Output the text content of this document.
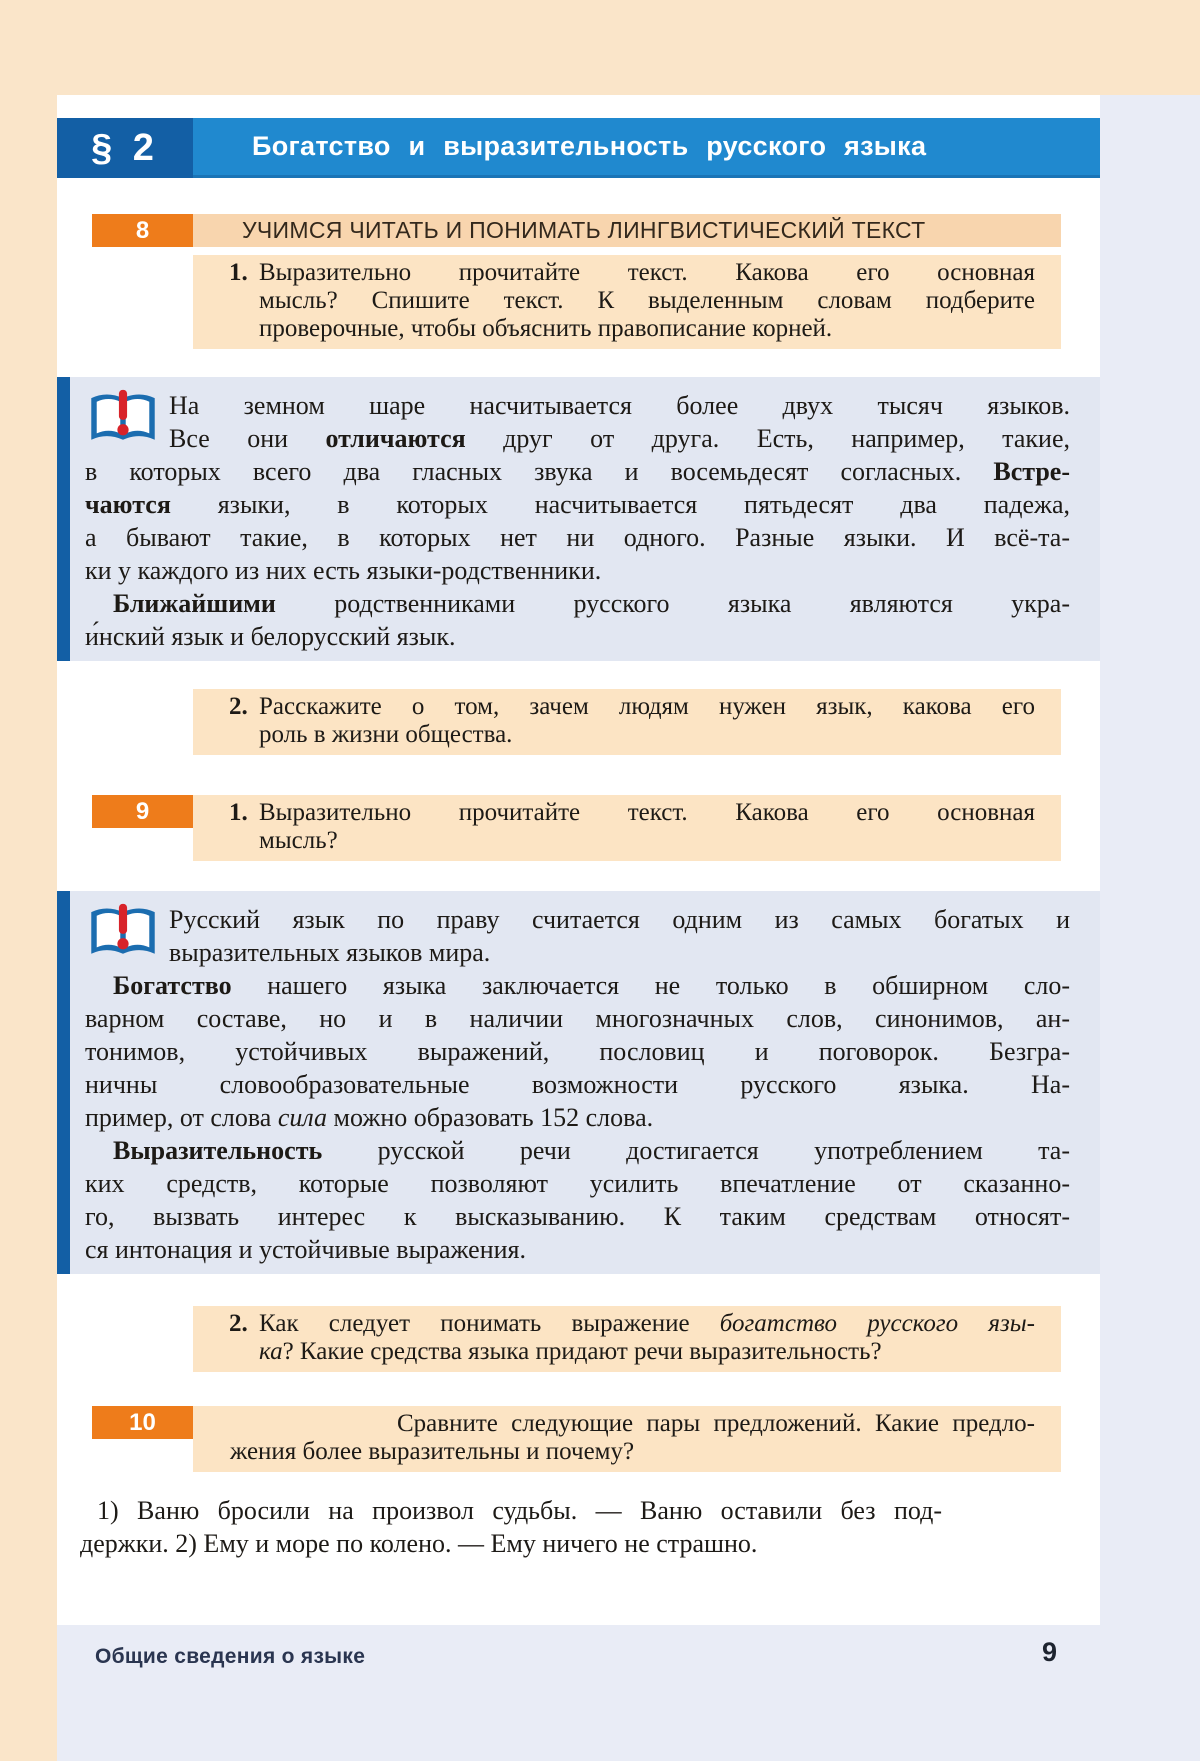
§ 2	Богатство и выразительность русского языка
8	УЧИМСЯ ЧИТАТЬ И ПОНИМАТЬ ЛИНГВИСТИЧЕСКИЙ ТЕКСТ
1. Выразительно прочитайте текст. Какова его основная
мысль? Спишите текст. К выделенным словам подберите
проверочные, чтобы объяснить правописание корней.
На земном шаре насчитывается более двух тысяч языков.
Все они отличаются друг от друга. Есть, например, такие,
в которых всего два гласных звука и восемьдесят согласных. Встре-
чаются языки, в которых насчитывается пятьдесят два падежа,
а бывают такие, в которых нет ни одного. Разные языки. И всё-та-
ки у каждого из них есть языки-родственники.
Ближайшими родственниками русского языка являются укра-
и́нский язык и белорусский язык.
2. Расскажите о том, зачем людям нужен язык, какова его
роль в жизни общества.
9	1. Выразительно прочитайте текст. Какова его основная
мысль?
Русский язык по праву считается одним из самых богатых и
выразительных языков мира.
Богатство нашего языка заключается не только в обширном сло-
варном составе, но и в наличии многозначных слов, синонимов, ан-
тонимов, устойчивых выражений, пословиц и поговорок. Безгра-
ничны словообразовательные возможности русского языка. На-
пример, от слова сила можно образовать 152 слова.
Выразительность русской речи достигается употреблением та-
ких средств, которые позволяют усилить впечатление от сказанно-
го, вызвать интерес к высказыванию. К таким средствам относят-
ся интонация и устойчивые выражения.
2. Как следует понимать выражение богатство русского язы-
ка? Какие средства языка придают речи выразительность?
10	Сравните следующие пары предложений. Какие предло-
жения более выразительны и почему?
1) Ваню бросили на произвол судьбы. — Ваню оставили без под-
держки. 2) Ему и море по колено. — Ему ничего не страшно.
Общие сведения о языке	9
